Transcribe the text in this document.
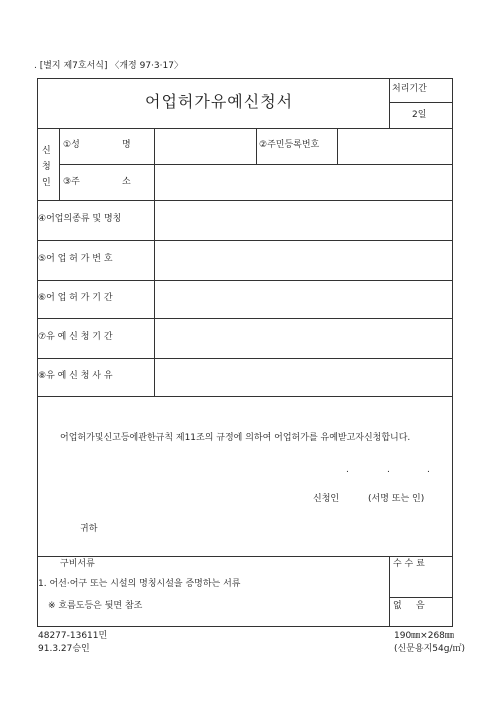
. [별지 제7호서식] 〈개정 97·3·17〉
어업허가유예신청서
처리기간
2일
신
청
인
①성	명	②주민등록번호
③주	소
④어업의종류 및 명칭
⑤어 업 허 가 번 호
⑥어 업 허 가 기 간
⑦유 예 신 청 기 간
⑧유 예 신 청 사 유
어업허가및신고등에관한규칙 제11조의 규정에 의하여 어업허가를 유예받고자신청합니다.
.	.	.
신청인	(서명 또는 인)
귀하
구비서류
1. 어선·어구 또는 시설의 명칭시설을 증명하는 서류
※ 흐름도등은 뒷면 참조
수 수 료
없     음
48277-13611민
91.3.27승인
190㎜×268㎜
(신문용지54g/㎡)
